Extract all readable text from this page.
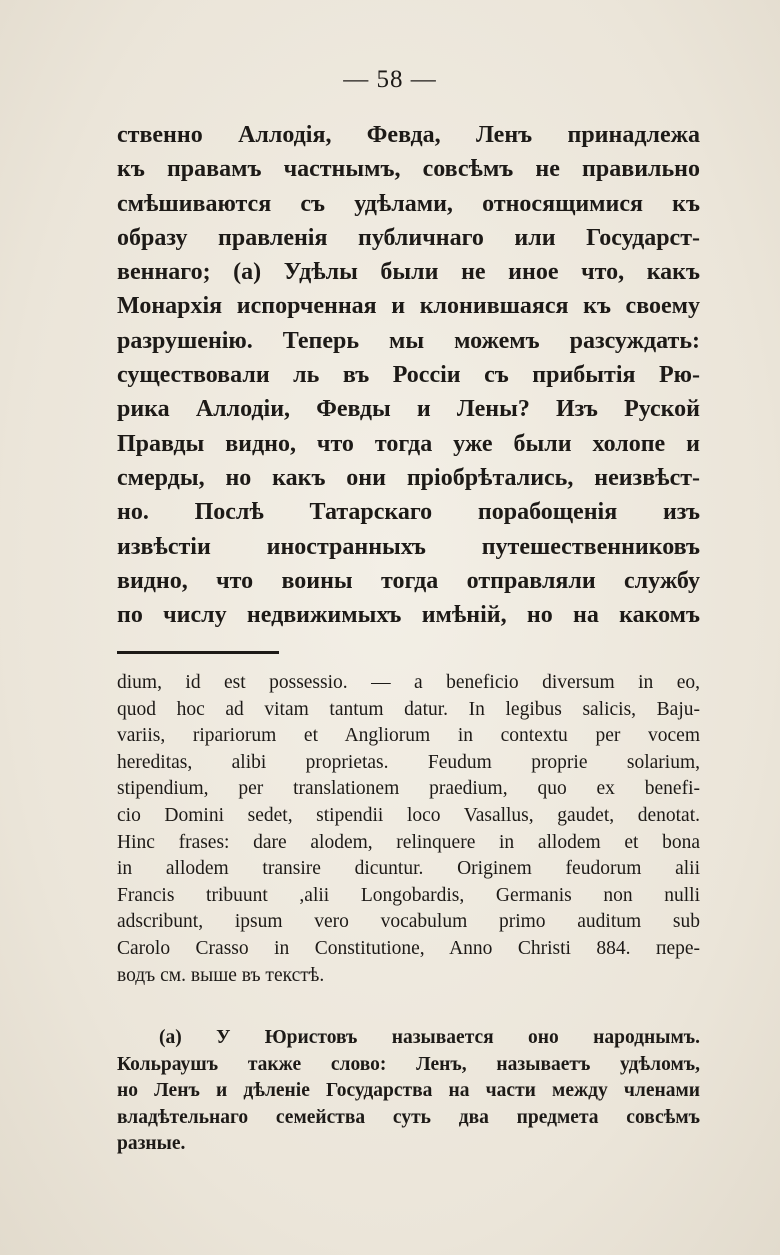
— 58 —
ственно Аллодія, Февда, Ленъ принадлежа
къ правамъ частнымъ, совсѣмъ не правильно
смѣшиваются съ удѣлами, относящимися къ
образу правленія публичнаго или Государст-
веннаго; (а) Удѣлы были не иное что, какъ
Монархія испорченная и клонившаяся къ своему
разрушенію. Теперь мы можемъ разсуждать:
существовали ль въ Россіи съ прибытія Рю-
рика Аллодіи, Февды и Лены? Изъ Руской
Правды видно, что тогда уже были холопе и
смерды, но какъ они пріобрѣтались, неизвѣст-
но. Послѣ Татарскаго порабощенія изъ
извѣстіи иностранныхъ путешественниковъ
видно, что воины тогда отправляли службу
по числу недвижимыхъ имѣній, но на какомъ
dium, id est possessio. — a beneficio diversum in eo,
quod hoc ad vitam tantum datur. In legibus salicis, Baju-
variis, ripariorum et Angliorum in contextu per vocem
hereditas, alibi proprietas. Feudum proprie solarium,
stipendium, per translationem praedium, quo ex benefi-
cio Domini sedet, stipendii loco Vasallus, gaudet, denotat.
Hinc frases: dare alodem, relinquere in allodem et bona
in allodem transire dicuntur. Originem feudorum alii
Francis tribuunt ,alii Longobardis, Germanis non nulli
adscribunt, ipsum vero vocabulum primo auditum sub
Carolo Crasso in Constitutione, Anno Christi 884. пере-
водъ см. выше въ текстѣ.
(а) У Юристовъ называется оно народнымъ.
Кольраушъ также слово: Ленъ, называетъ удѣломъ,
но Ленъ и дѣленіе Государства на части между членами
владѣтельнаго семейства суть два предмета совсѣмъ
разные.
